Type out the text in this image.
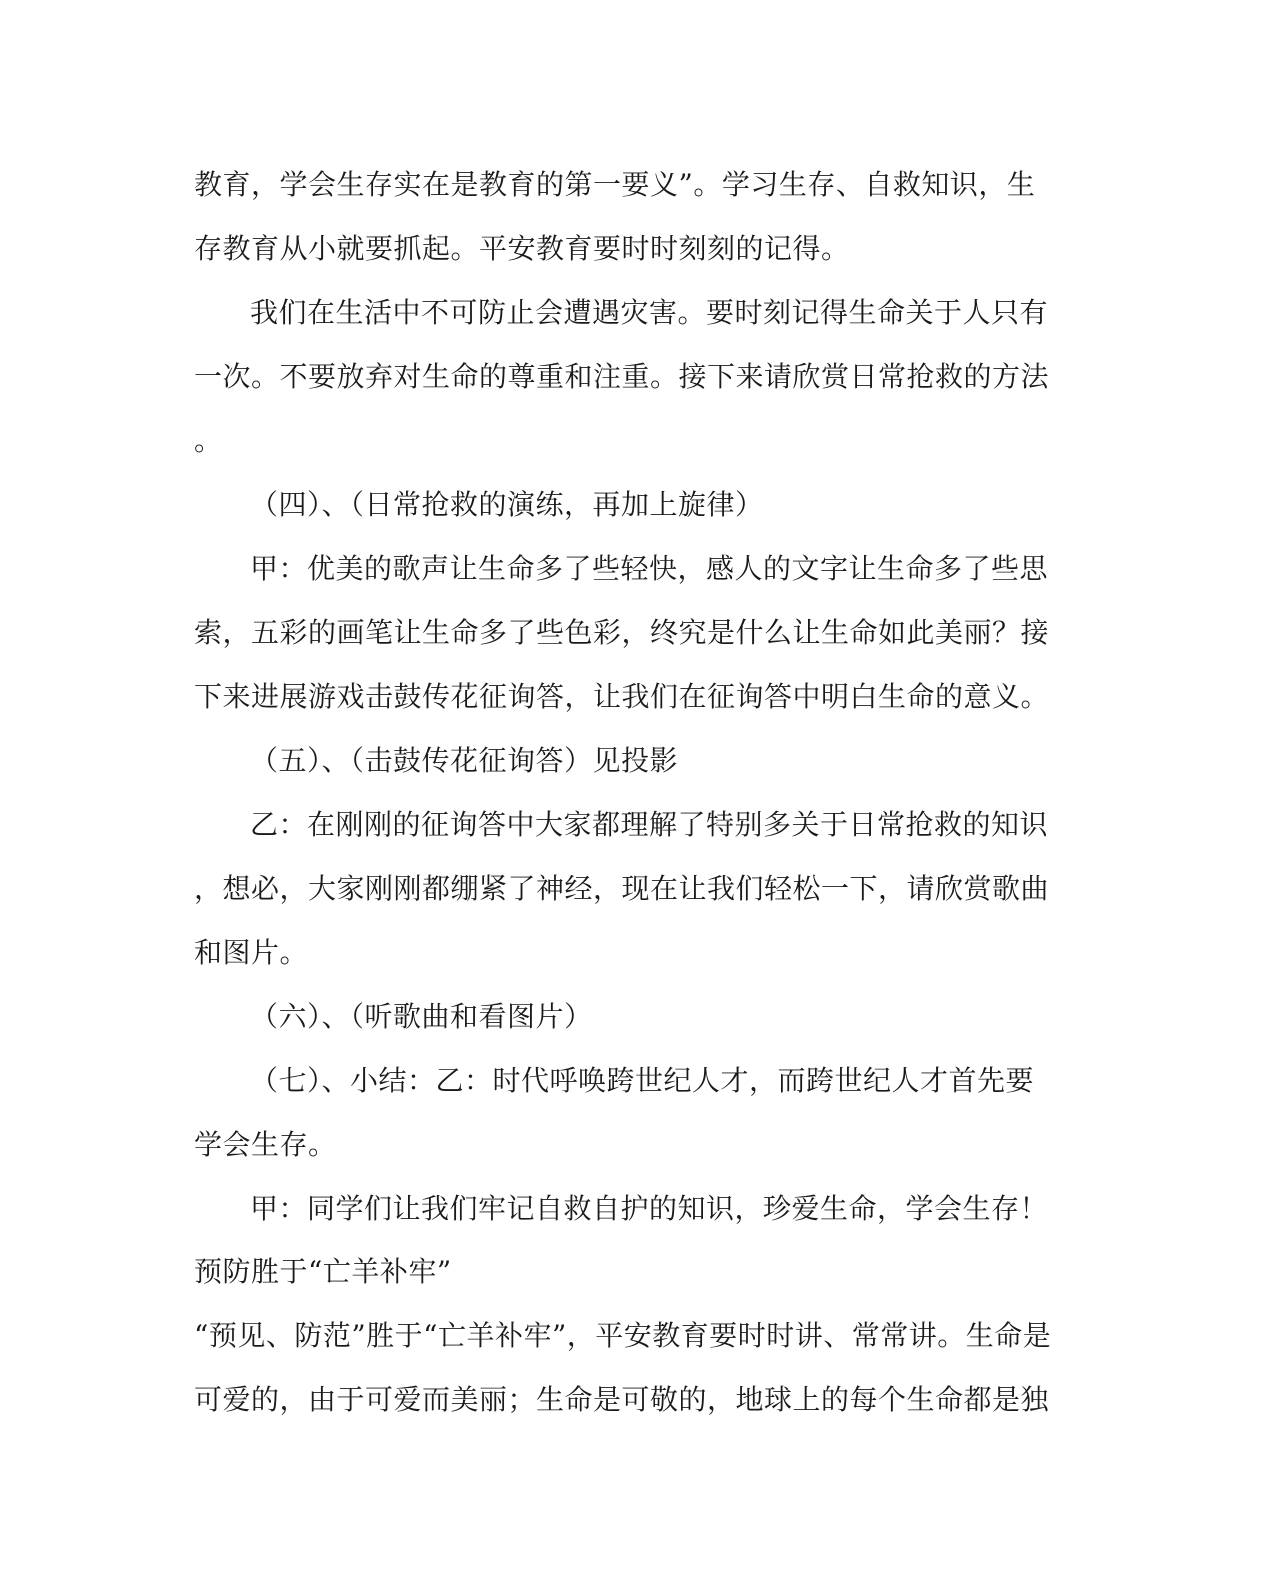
教育，学会生存实在是教育的第一要义”。学习生存、自救知识，生
存教育从小就要抓起。平安教育要时时刻刻的记得。
我们在生活中不可防止会遭遇灾害。要时刻记得生命关于人只有
一次。不要放弃对生命的尊重和注重。接下来请欣赏日常抢救的方法
。
（四）、（日常抢救的演练，再加上旋律）
甲：优美的歌声让生命多了些轻快，感人的文字让生命多了些思
索，五彩的画笔让生命多了些色彩，终究是什么让生命如此美丽？接
下来进展游戏击鼓传花征询答，让我们在征询答中明白生命的意义。
（五）、（击鼓传花征询答）见投影
乙：在刚刚的征询答中大家都理解了特别多关于日常抢救的知识
，想必，大家刚刚都绷紧了神经，现在让我们轻松一下，请欣赏歌曲
和图片。
（六）、（听歌曲和看图片）
（七）、小结：乙：时代呼唤跨世纪人才，而跨世纪人才首先要
学会生存。
甲：同学们让我们牢记自救自护的知识，珍爱生命，学会生存！
预防胜于“亡羊补牢”
“预见、防范”胜于“亡羊补牢”，平安教育要时时讲、常常讲。生命是
可爱的，由于可爱而美丽；生命是可敬的，地球上的每个生命都是独
